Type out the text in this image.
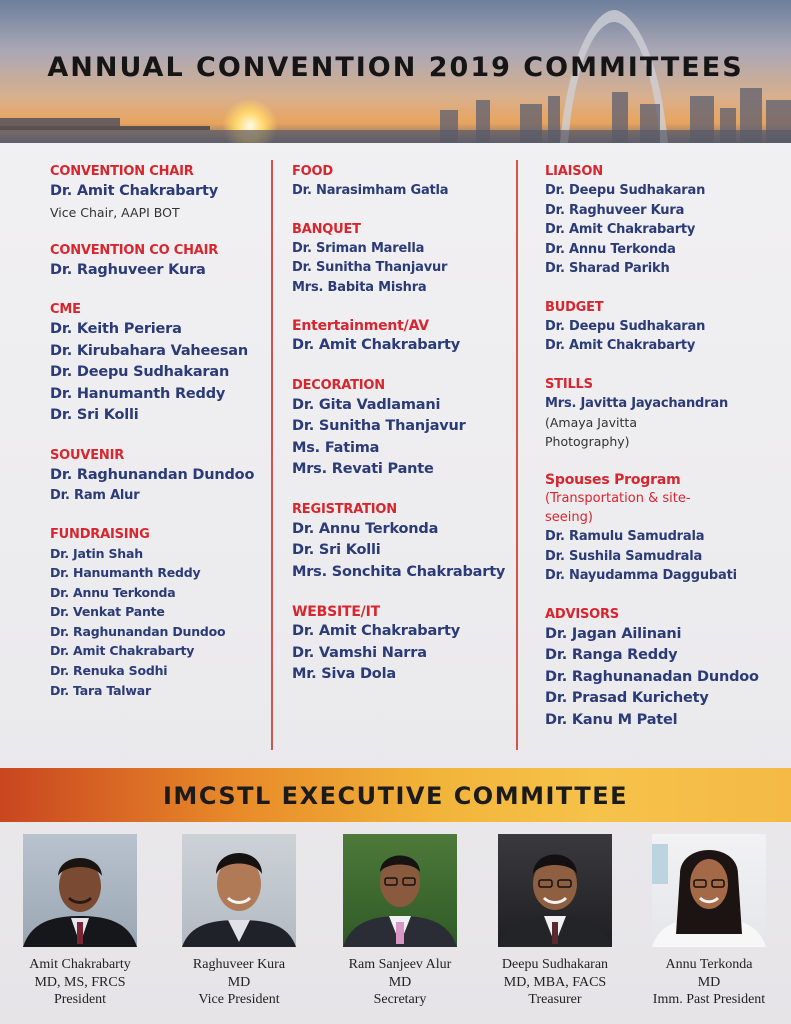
ANNUAL CONVENTION 2019 COMMITTEES
CONVENTION CHAIR
Dr. Amit Chakrabarty
Vice Chair, AAPI BOT
CONVENTION CO CHAIR
Dr. Raghuveer Kura
CME
Dr. Keith Periera
Dr. Kirubahara Vaheesan
Dr. Deepu Sudhakaran
Dr. Hanumanth Reddy
Dr. Sri Kolli
SOUVENIR
Dr. Raghunandan Dundoo
Dr. Ram Alur
FUNDRAISING
Dr. Jatin Shah
Dr. Hanumanth Reddy
Dr. Annu Terkonda
Dr. Venkat Pante
Dr. Raghunandan Dundoo
Dr. Amit Chakrabarty
Dr. Renuka Sodhi
Dr. Tara Talwar
FOOD
Dr. Narasimham Gatla
BANQUET
Dr. Sriman Marella
Dr. Sunitha Thanjavur
Mrs. Babita Mishra
Entertainment/AV
Dr. Amit Chakrabarty
DECORATION
Dr. Gita Vadlamani
Dr. Sunitha Thanjavur
Ms. Fatima
Mrs. Revati Pante
REGISTRATION
Dr. Annu Terkonda
Dr. Sri Kolli
Mrs. Sonchita Chakrabarty
WEBSITE/IT
Dr. Amit Chakrabarty
Dr. Vamshi Narra
Mr. Siva Dola
LIAISON
Dr. Deepu Sudhakaran
Dr. Raghuveer Kura
Dr. Amit Chakrabarty
Dr. Annu Terkonda
Dr. Sharad Parikh
BUDGET
Dr. Deepu Sudhakaran
Dr. Amit Chakrabarty
STILLS
Mrs. Javitta Jayachandran
(Amaya Javitta
Photography)
Spouses Program
(Transportation & site-
seeing)
Dr. Ramulu Samudrala
Dr. Sushila Samudrala
Dr. Nayudamma Daggubati
ADVISORS
Dr. Jagan Ailinani
Dr. Ranga Reddy
Dr. Raghunanadan Dundoo
Dr. Prasad Kurichety
Dr. Kanu M Patel
IMCSTL EXECUTIVE COMMITTEE
Amit Chakrabarty
MD, MS, FRCS
President
Raghuveer Kura
MD
Vice President
Ram Sanjeev Alur
MD
Secretary
Deepu Sudhakaran
MD, MBA, FACS
Treasurer
Annu Terkonda
MD
Imm. Past President
